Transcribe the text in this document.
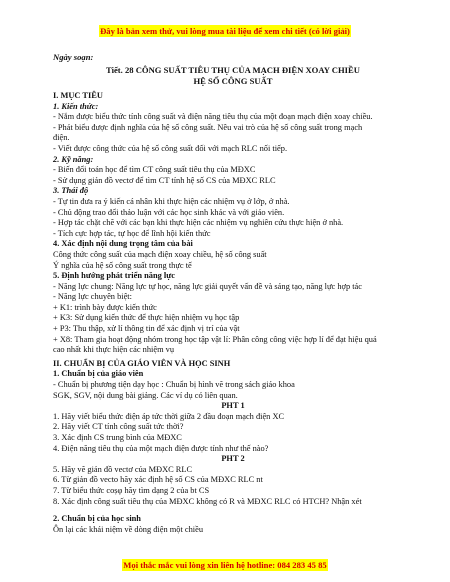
Đây là bản xem thử, vui lòng mua tài liệu để xem chi tiết (có lời giải)
Ngày soạn:
Tiết. 28 CÔNG SUẤT TIÊU THỤ CỦA MẠCH ĐIỆN XOAY CHIỀU
HỆ SỐ CÔNG SUẤT
I. MỤC TIÊU
1. Kiến thức:
- Nắm được biểu thức tính công suất và điện năng tiêu thụ của một đoạn mạch điện xoay chiều.
- Phát biểu được định nghĩa của hệ số công suất. Nêu vai trò của hệ số công suất trong mạch
điện.
- Viết được công thức của hệ số công suất đối với mạch RLC nối tiếp.
2. Kỹ năng:
- Biến đổi toán học để tìm CT công suất tiêu thụ của MĐXC
- Sử dụng giản đồ vectơ để tìm CT tính hệ số CS của MĐXC RLC
3. Thái độ
- Tự tin đưa ra ý kiến cá nhân khi thực hiện các nhiệm vụ ở lớp, ở nhà.
- Chủ động trao đổi thảo luận với các học sinh khác và với giáo viên.
- Hợp tác chặt chẽ với các bạn khi thực hiện các nhiệm vụ nghiên cứu thực hiện ở nhà.
- Tích cực hợp tác, tự học để lĩnh hội kiến thức
4. Xác định nội dung trọng tâm của bài
Công thức công suất của mạch điện xoay chiều, hệ số công suất
Ý nghĩa của hệ số công suất trong thực tế
5. Định hướng phát triển năng lực
- Năng lực chung: Năng lực tự học, năng lực giải quyết vấn đề và sáng tạo, năng lực hợp tác
- Năng lực chuyên biệt:
+ K1: trình bày được kiến thức
+ K3: Sử dụng kiến thức để thực hiện nhiệm vụ học tập
+ P3: Thu thập, xử lí thông tin để xác định vị trí của vật
+ X8: Tham gia hoạt động nhóm trong học tập vật lí: Phân công công việc hợp lí để đạt hiệu quả
cao nhất khi thực hiện các nhiệm vụ
II. CHUẨN BỊ CỦA GIÁO VIÊN VÀ HỌC SINH
1. Chuẩn bị của giáo viên
- Chuẩn bị phương tiện dạy học : Chuẩn bị hình vẽ trong sách giáo khoa
SGK, SGV, nội dung bài giảng. Các ví dụ có liên quan.
PHT 1
1. Hãy viết biểu thức điện áp tức thời giữa 2 đầu đoạn mạch điện XC
2. Hãy viết CT tính công suất tức thời?
3. Xác định CS trung bình của MĐXC
4. Điện năng tiêu thụ của một mạch điện được tính như thế nào?
PHT 2
5. Hãy vẽ giản đồ vectơ của MĐXC RLC
6. Từ giản đồ vecto hãy xác định hệ số CS của MĐXC RLC nt
7. Từ biểu thức coṣφ hãy tìm dạng 2 của bt CS
8. Xác định công suất tiêu thụ của MĐXC không có R và MĐXC RLC có HTCH? Nhận xét
2. Chuẩn bị của học sinh
Ôn lại các khái niệm về dòng điện một chiều
Mọi thắc mắc vui lòng xin liên hệ hotline: 084 283 45 85
